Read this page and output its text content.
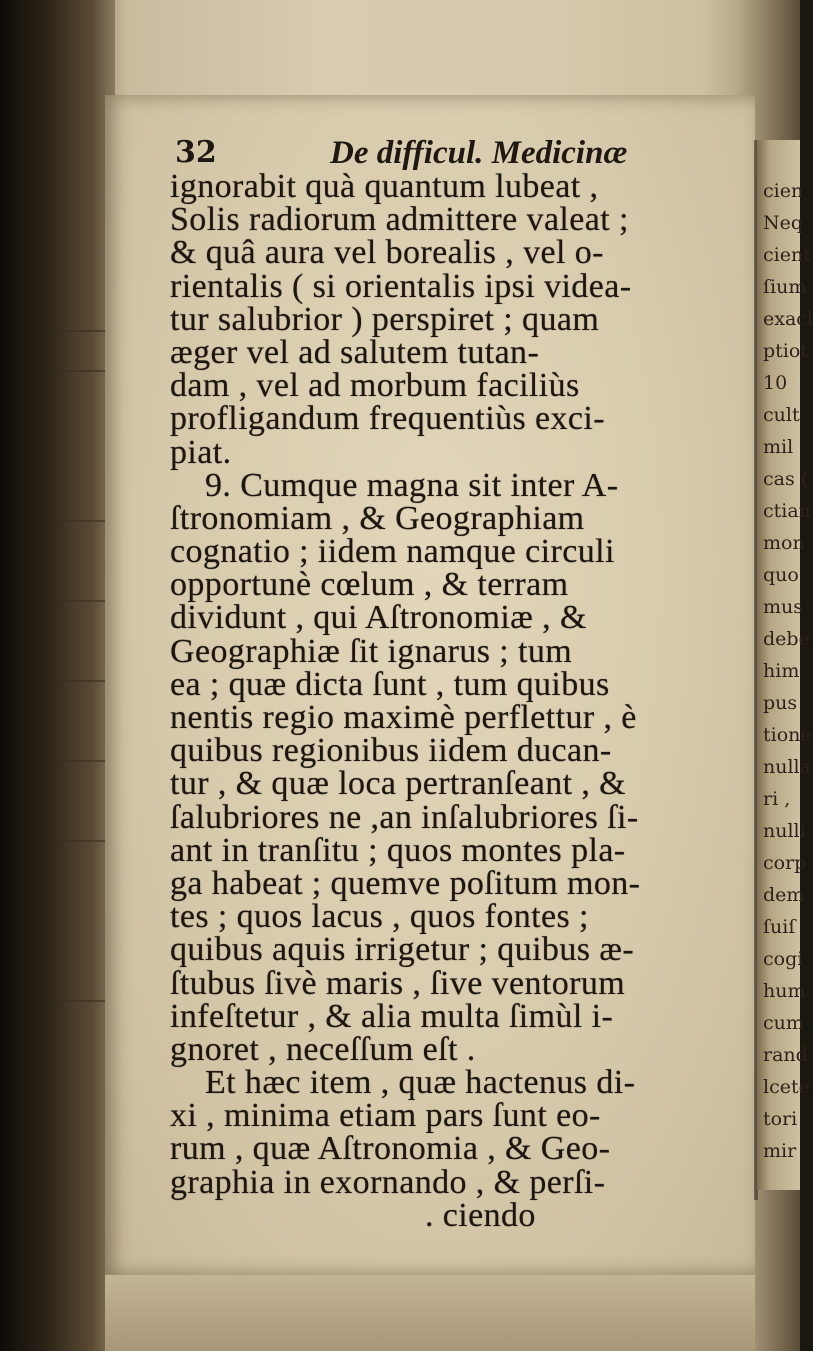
32	De difficul. Medicinæ
ignorabit quà quantum lubeat ,
Solis radiorum admittere valeat ;
& quâ aura vel borealis , vel o-
rientalis ( si orientalis ipsi videa-
tur salubrior ) perspiret ; quam
æger vel ad salutem tutan-
dam , vel ad morbum faciliùs
profligandum frequentiùs exci-
piat.
9. Cumque magna sit inter A-
ſtronomiam , & Geographiam
cognatio ; iidem namque circuli
opportunè cœlum , & terram
dividunt , qui Aſtronomiæ , &
Geographiæ ſit ignarus ; tum
ea ; quæ dicta ſunt , tum quibus
nentis regio maximè perflettur , è
quibus regionibus iidem ducan-
tur , & quæ loca pertranſeant , &
ſalubriores ne ,an inſalubriores ſi-
ant in tranſitu ; quos montes pla-
ga habeat ; quemve poſitum mon-
tes ; quos lacus , quos fontes ;
quibus aquis irrigetur ; quibus æ-
ſtubus ſivè maris , ſive ventorum
infeſtetur , & alia multa ſimùl i-
gnoret , neceſſum eſt .
Et hæc item , quæ hactenus di-
xi , minima etiam pars ſunt eo-
rum , quæ Aſtronomia , & Geo-
graphia in exornando , & perſi-
. ciendo
cien
Neq
cient
ſium
exacl
ptiot
10
cult
mil
cas (
ctian
mon
quo
mus
debe
him
pus
tione
nulla
ri ,
nulli
corp
dem
ſuiſ
cogi
hum
cum
rand
lcete
tori
mir
